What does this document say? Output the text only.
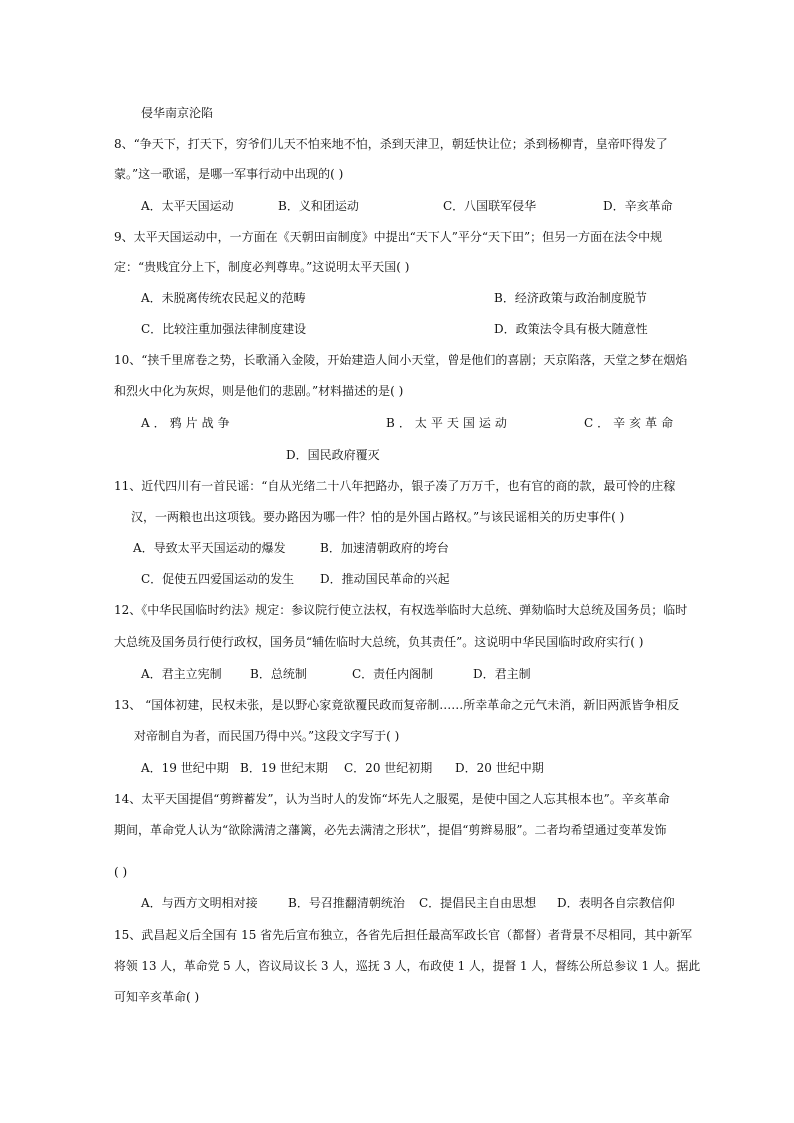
侵华南京沦陷
8、“争天下，打天下，穷爷们儿天不怕来地不怕，杀到天津卫，朝廷快让位；杀到杨柳青，皇帝吓得发了
蒙。”这一歌谣，是哪一军事行动中出现的( )
A．太平天国运动	B．义和团运动	C．八国联军侵华	D．辛亥革命
9、太平天国运动中，一方面在《天朝田亩制度》中提出“天下人”平分“天下田”；但另一方面在法令中规
定：“贵贱宜分上下，制度必判尊卑。”这说明太平天国( )
A．未脱离传统农民起义的范畴	B．经济政策与政治制度脱节
C．比较注重加强法律制度建设	D．政策法令具有极大随意性
10、“挟千里席卷之势，长歌涌入金陵，开始建造人间小天堂，曾是他们的喜剧；天京陷落，天堂之梦在烟焰
和烈火中化为灰烬，则是他们的悲剧。”材料描述的是( )
A．鸦片战争	B．太平天国运动	C．辛亥革命
D．国民政府覆灭
11、近代四川有一首民谣：“自从光绪二十八年把路办，银子凑了万万千，也有官的商的款，最可怜的庄稼
汉，一两粮也出这项钱。要办路因为哪一件？怕的是外国占路权。”与该民谣相关的历史事件( )
A．导致太平天国运动的爆发	B．加速清朝政府的垮台
C．促使五四爱国运动的发生 D．推动国民革命的兴起
12、《中华民国临时约法》规定：参议院行使立法权，有权选举临时大总统、弹劾临时大总统及国务员；临时
大总统及国务员行使行政权，国务员“辅佐临时大总统，负其责任”。这说明中华民国临时政府实行( )
A．君主立宪制 B．总统制	C．责任内阁制	D．君主制
13、 “国体初建，民权未张，是以野心家竟欲覆民政而复帝制……所幸革命之元气未消，新旧两派皆争相反
对帝制自为者，而民国乃得中兴。”这段文字写于( )
A．19 世纪中期 B．19 世纪末期 C．20 世纪初期 D．20 世纪中期
14、太平天国提倡“剪辫蓄发”，认为当时人的发饰“坏先人之服冕，是使中国之人忘其根本也”。辛亥革命
期间，革命党人认为“欲除满清之藩篱，必先去满清之形状”，提倡“剪辫易服”。二者均希望通过变革发饰
( )
A．与西方文明相对接	B．号召推翻清朝统治 C．提倡民主自由思想 D．表明各自宗教信仰
15、武昌起义后全国有 15 省先后宣布独立，各省先后担任最高军政长官（都督）者背景不尽相同，其中新军
将领 13 人，革命党 5 人，咨议局议长 3 人，巡抚 3 人，布政使 1 人，提督 1 人，督练公所总参议 1 人。据此
可知辛亥革命( )
